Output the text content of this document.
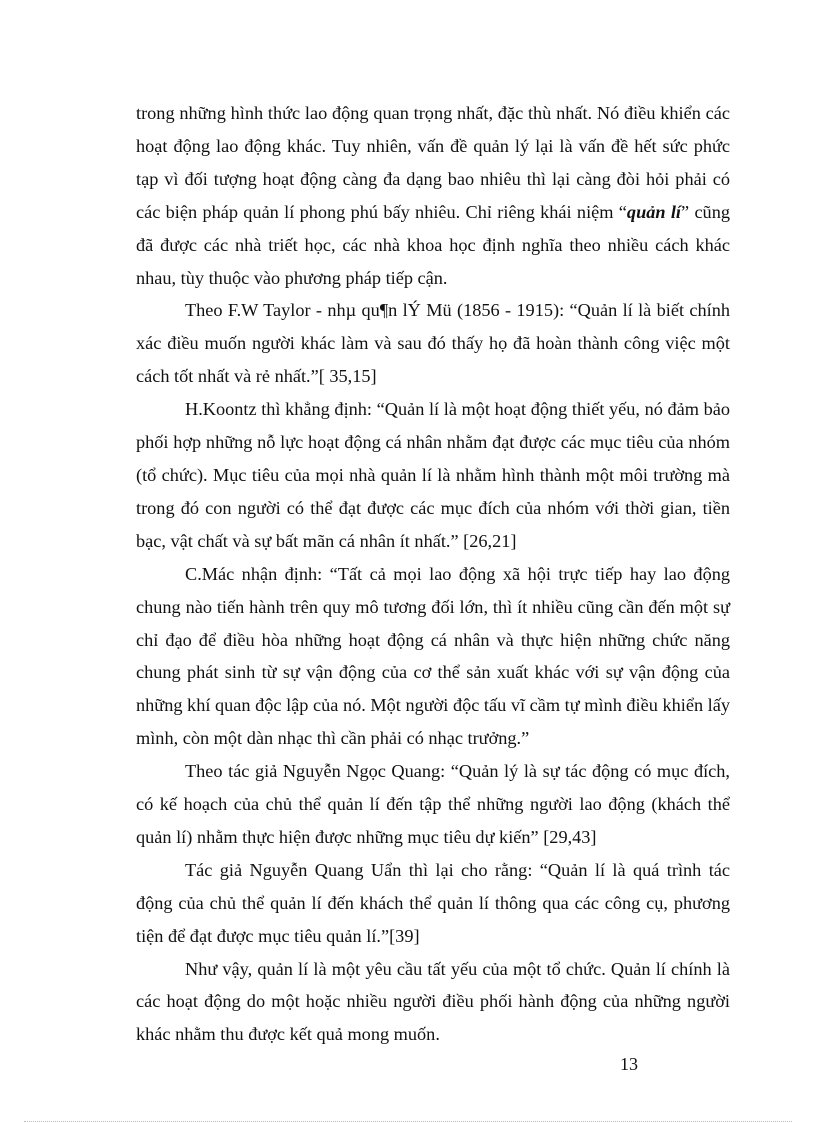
trong những hình thức lao động quan trọng nhất, đặc thù nhất. Nó điều khiển các hoạt động lao động khác. Tuy nhiên, vấn đề quản lý lại là vấn đề hết sức phức tạp vì đối tượng hoạt động càng đa dạng bao nhiêu thì lại càng đòi hỏi phải có các biện pháp quản lí phong phú bấy nhiêu. Chỉ riêng khái niệm “quản lí” cũng đã được các nhà triết học, các nhà khoa học định nghĩa theo nhiều cách khác nhau, tùy thuộc vào phương pháp tiếp cận.

Theo F.W Taylor - nhµ qu¶n lÝ Mü (1856 - 1915): “Quản lí là biết chính xác điều muốn người khác làm và sau đó thấy họ đã hoàn thành công việc một cách tốt nhất và rẻ nhất.”[ 35,15]

H.Koontz thì khẳng định: “Quản lí là một hoạt động thiết yếu, nó đảm bảo phối hợp những nỗ lực hoạt động cá nhân nhằm đạt được các mục tiêu của nhóm (tổ chức). Mục tiêu của mọi nhà quản lí là nhằm hình thành một môi trường mà trong đó con người có thể đạt được các mục đích của nhóm với thời gian, tiền bạc, vật chất và sự bất mãn cá nhân ít nhất.” [26,21]

C.Mác nhận định: “Tất cả mọi lao động xã hội trực tiếp hay lao động chung nào tiến hành trên quy mô tương đối lớn, thì ít nhiều cũng cần đến một sự chỉ đạo để điều hòa những hoạt động cá nhân và thực hiện những chức năng chung phát sinh từ sự vận động của cơ thể sản xuất khác với sự vận động của những khí quan độc lập của nó. Một người độc tấu vĩ cầm tự mình điều khiển lấy mình, còn một dàn nhạc thì cần phải có nhạc trưởng.”

Theo tác giả Nguyễn Ngọc Quang: “Quản lý là sự tác động có mục đích, có kế hoạch của chủ thể quản lí đến tập thể những người lao động (khách thể quản lí) nhằm thực hiện được những mục tiêu dự kiến” [29,43]

Tác giả Nguyễn Quang Uẩn thì lại cho rằng: “Quản lí là quá trình tác động của chủ thể quản lí đến khách thể quản lí thông qua các công cụ, phương tiện để đạt được mục tiêu quản lí.”[39]

Như vậy, quản lí là một yêu cầu tất yếu của một tổ chức. Quản lí chính là các hoạt động do một hoặc nhiều người điều phối hành động của những người khác nhằm thu được kết quả mong muốn.

13
